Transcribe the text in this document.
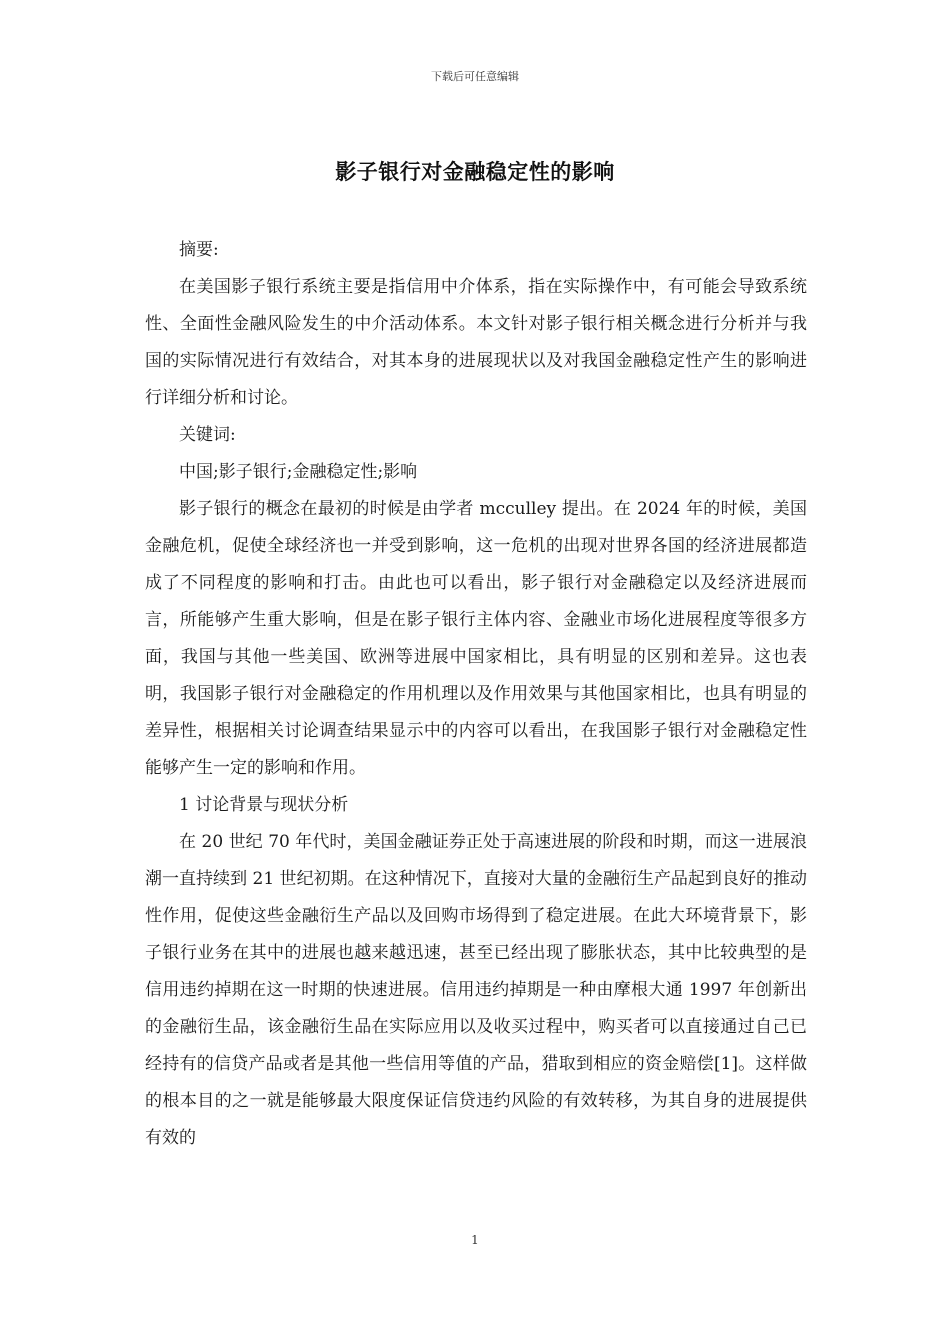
下载后可任意编辑
影子银行对金融稳定性的影响

摘要:

在美国影子银行系统主要是指信用中介体系，指在实际操作中，有可能会导致系统性、全面性金融风险发生的中介活动体系。本文针对影子银行相关概念进行分析并与我国的实际情况进行有效结合，对其本身的进展现状以及对我国金融稳定性产生的影响进行详细分析和讨论。

关键词:

中国;影子银行;金融稳定性;影响

影子银行的概念在最初的时候是由学者 mcculley 提出。在 2024 年的时候，美国金融危机，促使全球经济也一并受到影响，这一危机的出现对世界各国的经济进展都造成了不同程度的影响和打击。由此也可以看出，影子银行对金融稳定以及经济进展而言，所能够产生重大影响，但是在影子银行主体内容、金融业市场化进展程度等很多方面，我国与其他一些美国、欧洲等进展中国家相比，具有明显的区别和差异。这也表明，我国影子银行对金融稳定的作用机理以及作用效果与其他国家相比，也具有明显的差异性，根据相关讨论调查结果显示中的内容可以看出，在我国影子银行对金融稳定性能够产生一定的影响和作用。

1 讨论背景与现状分析

在 20 世纪 70 年代时，美国金融证券正处于高速进展的阶段和时期，而这一进展浪潮一直持续到 21 世纪初期。在这种情况下，直接对大量的金融衍生产品起到良好的推动性作用，促使这些金融衍生产品以及回购市场得到了稳定进展。在此大环境背景下，影子银行业务在其中的进展也越来越迅速，甚至已经出现了膨胀状态，其中比较典型的是信用违约掉期在这一时期的快速进展。信用违约掉期是一种由摩根大通 1997 年创新出的金融衍生品，该金融衍生品在实际应用以及收买过程中，购买者可以直接通过自己已经持有的信贷产品或者是其他一些信用等值的产品，猎取到相应的资金赔偿[1]。这样做的根本目的之一就是能够最大限度保证信贷违约风险的有效转移，为其自身的进展提供有效的

1
